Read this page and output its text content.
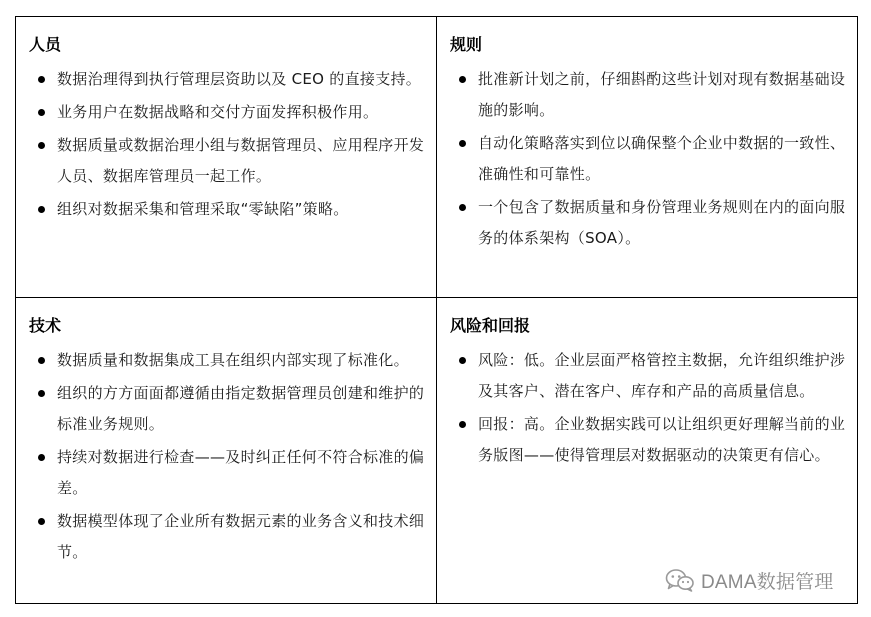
人员
数据治理得到执行管理层资助以及 CEO 的直接支持。
业务用户在数据战略和交付方面发挥积极作用。
数据质量或数据治理小组与数据管理员、应用程序开发人员、数据库管理员一起工作。
组织对数据采集和管理采取“零缺陷”策略。
规则
批准新计划之前，仔细斟酌这些计划对现有数据基础设施的影响。
自动化策略落实到位以确保整个企业中数据的一致性、准确性和可靠性。
一个包含了数据质量和身份管理业务规则在内的面向服务的体系架构（SOA）。
技术
数据质量和数据集成工具在组织内部实现了标准化。
组织的方方面面都遵循由指定数据管理员创建和维护的标准业务规则。
持续对数据进行检查——及时纠正任何不符合标准的偏差。
数据模型体现了企业所有数据元素的业务含义和技术细节。
风险和回报
风险：低。企业层面严格管控主数据，允许组织维护涉及其客户、潜在客户、库存和产品的高质量信息。
回报：高。企业数据实践可以让组织更好理解当前的业务版图——使得管理层对数据驱动的决策更有信心。
DAMA数据管理
